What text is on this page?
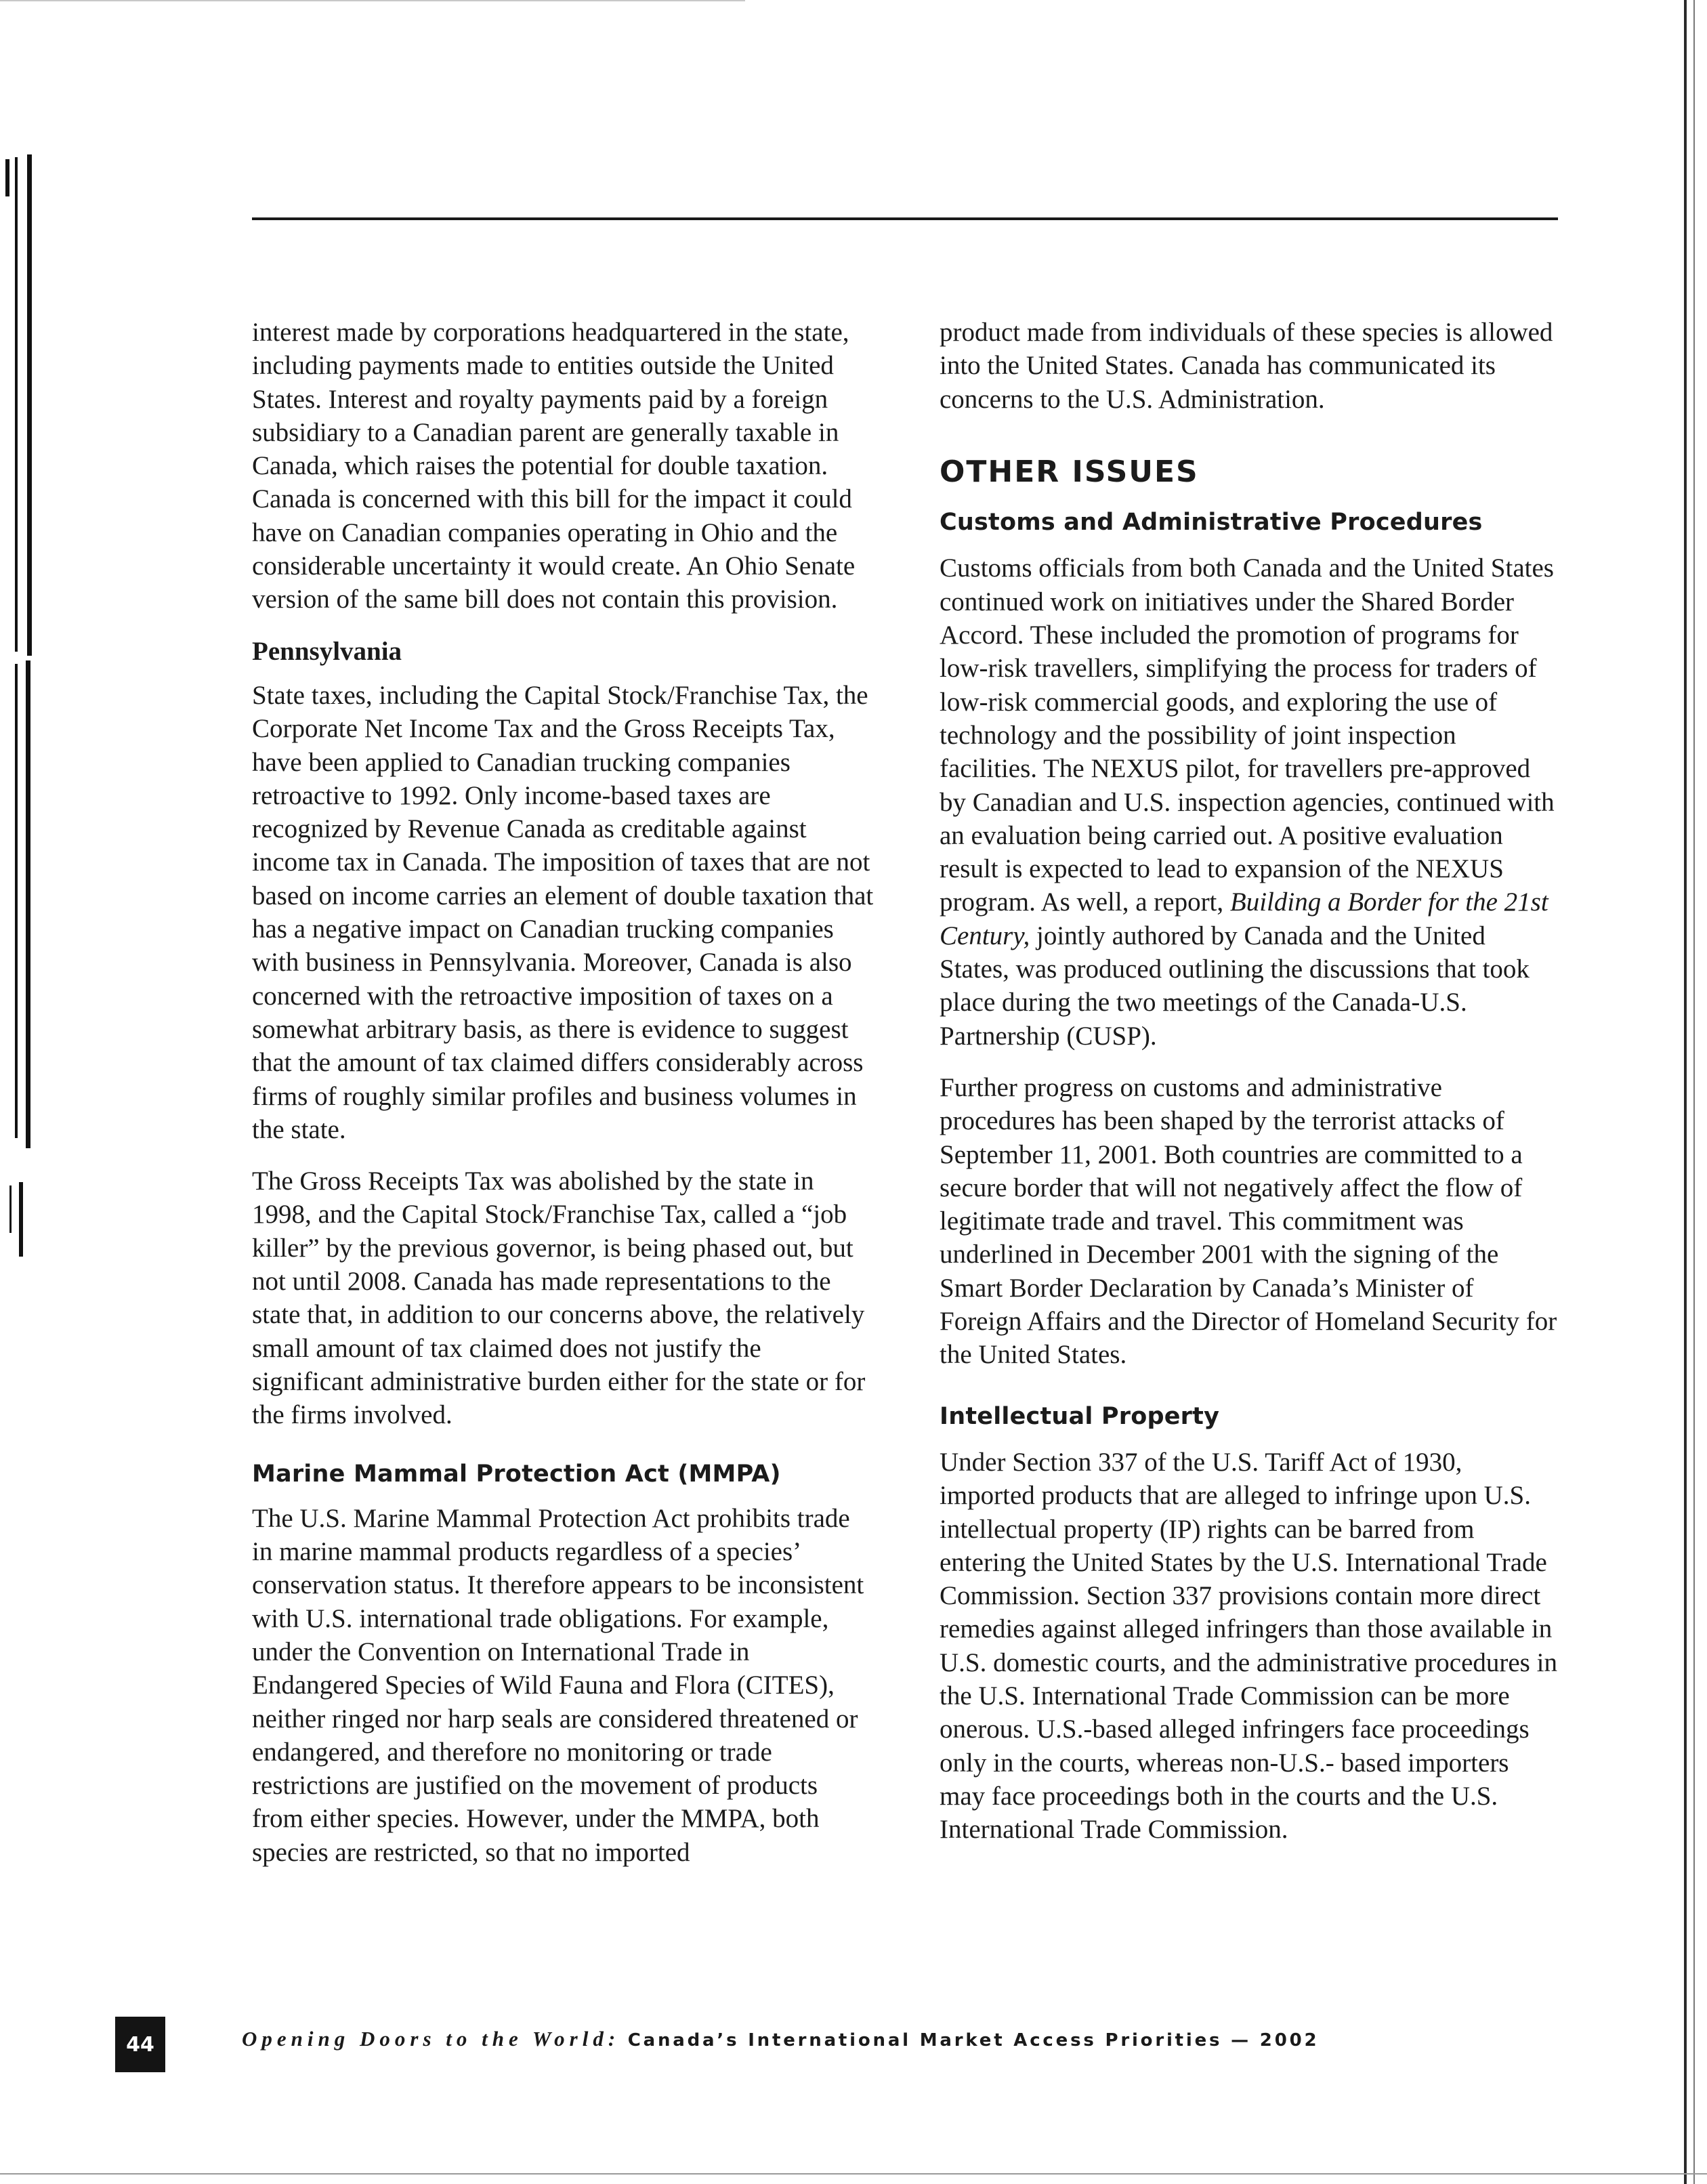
interest made by corporations headquartered in the state, including payments made to entities outside the United States. Interest and royalty payments paid by a foreign subsidiary to a Canadian parent are generally taxable in Canada, which raises the potential for double taxation. Canada is concerned with this bill for the impact it could have on Canadian companies operating in Ohio and the considerable uncertainty it would create. An Ohio Senate version of the same bill does not contain this provision.

Pennsylvania

State taxes, including the Capital Stock/Franchise Tax, the Corporate Net Income Tax and the Gross Receipts Tax, have been applied to Canadian trucking companies retroactive to 1992. Only income-based taxes are recognized by Revenue Canada as creditable against income tax in Canada. The imposition of taxes that are not based on income carries an element of double taxation that has a negative impact on Canadian trucking companies with business in Pennsylvania. Moreover, Canada is also concerned with the retroactive imposition of taxes on a somewhat arbitrary basis, as there is evidence to suggest that the amount of tax claimed differs considerably across firms of roughly similar profiles and business volumes in the state.

The Gross Receipts Tax was abolished by the state in 1998, and the Capital Stock/Franchise Tax, called a “job killer” by the previous governor, is being phased out, but not until 2008. Canada has made representations to the state that, in addition to our concerns above, the relatively small amount of tax claimed does not justify the significant administrative burden either for the state or for the firms involved.

Marine Mammal Protection Act (MMPA)

The U.S. Marine Mammal Protection Act prohibits trade in marine mammal products regardless of a species’ conservation status. It therefore appears to be inconsistent with U.S. international trade obligations. For example, under the Convention on International Trade in Endangered Species of Wild Fauna and Flora (CITES), neither ringed nor harp seals are considered threatened or endangered, and therefore no monitoring or trade restrictions are justified on the movement of products from either species. However, under the MMPA, both species are restricted, so that no imported

product made from individuals of these species is allowed into the United States. Canada has communicated its concerns to the U.S. Administration.

OTHER ISSUES
Customs and Administrative Procedures

Customs officials from both Canada and the United States continued work on initiatives under the Shared Border Accord. These included the promotion of programs for low-risk travellers, simplifying the process for traders of low-risk commercial goods, and exploring the use of technology and the possibility of joint inspection facilities. The NEXUS pilot, for travellers pre-approved by Canadian and U.S. inspection agencies, continued with an evaluation being carried out. A positive evaluation result is expected to lead to expansion of the NEXUS program. As well, a report, Building a Border for the 21st Century, jointly authored by Canada and the United States, was produced outlining the discussions that took place during the two meetings of the Canada-U.S. Partnership (CUSP).

Further progress on customs and administrative procedures has been shaped by the terrorist attacks of September 11, 2001. Both countries are committed to a secure border that will not negatively affect the flow of legitimate trade and travel. This commitment was underlined in December 2001 with the signing of the Smart Border Declaration by Canada’s Minister of Foreign Affairs and the Director of Homeland Security for the United States.

Intellectual Property

Under Section 337 of the U.S. Tariff Act of 1930, imported products that are alleged to infringe upon U.S. intellectual property (IP) rights can be barred from entering the United States by the U.S. International Trade Commission. Section 337 provisions contain more direct remedies against alleged infringers than those available in U.S. domestic courts, and the administrative procedures in the U.S. International Trade Commission can be more onerous. U.S.-based alleged infringers face proceedings only in the courts, whereas non-U.S.- based importers may face proceedings both in the courts and the U.S. International Trade Commission.

44	Opening Doors to the World: Canada’s International Market Access Priorities — 2002
